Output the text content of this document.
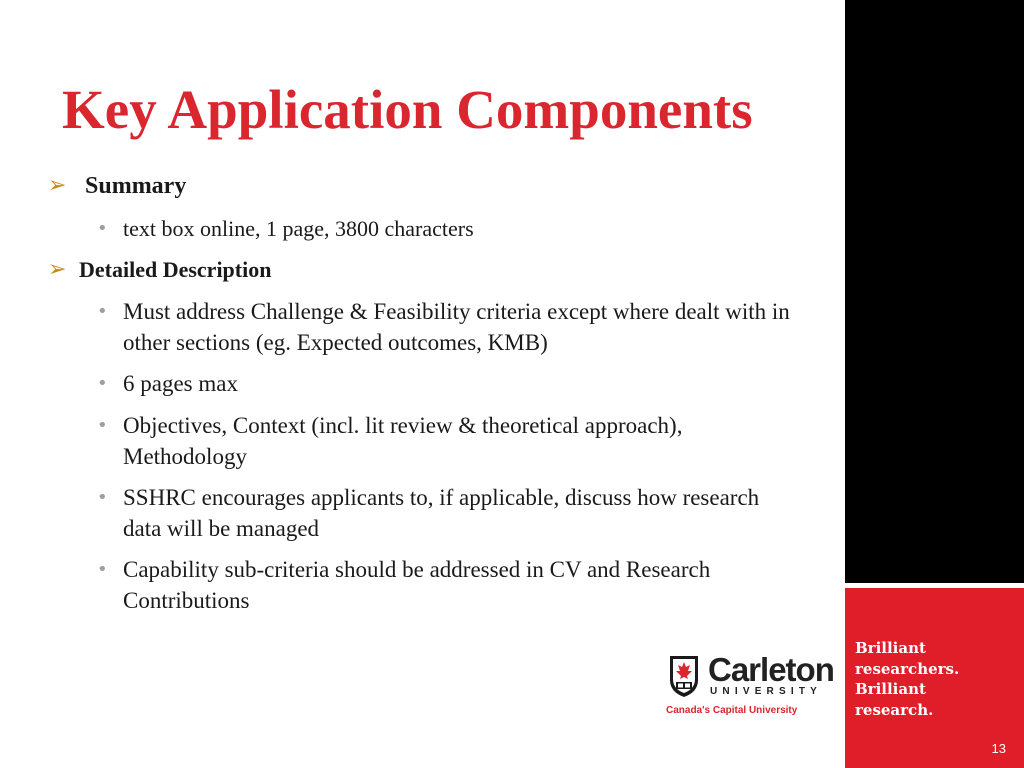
Key Application Components
➢ Summary
• text box online, 1 page, 3800 characters
➢ Detailed Description
• Must address Challenge & Feasibility criteria except where dealt with in other sections (eg. Expected outcomes, KMB)
• 6 pages max
• Objectives, Context (incl. lit review & theoretical approach), Methodology
• SSHRC encourages applicants to, if applicable, discuss how research data will be managed
• Capability sub-criteria should be addressed in CV and Research Contributions
Brilliant
researchers.
Brilliant
research.
13
Carleton
UNIVERSITY
Canada's Capital University
